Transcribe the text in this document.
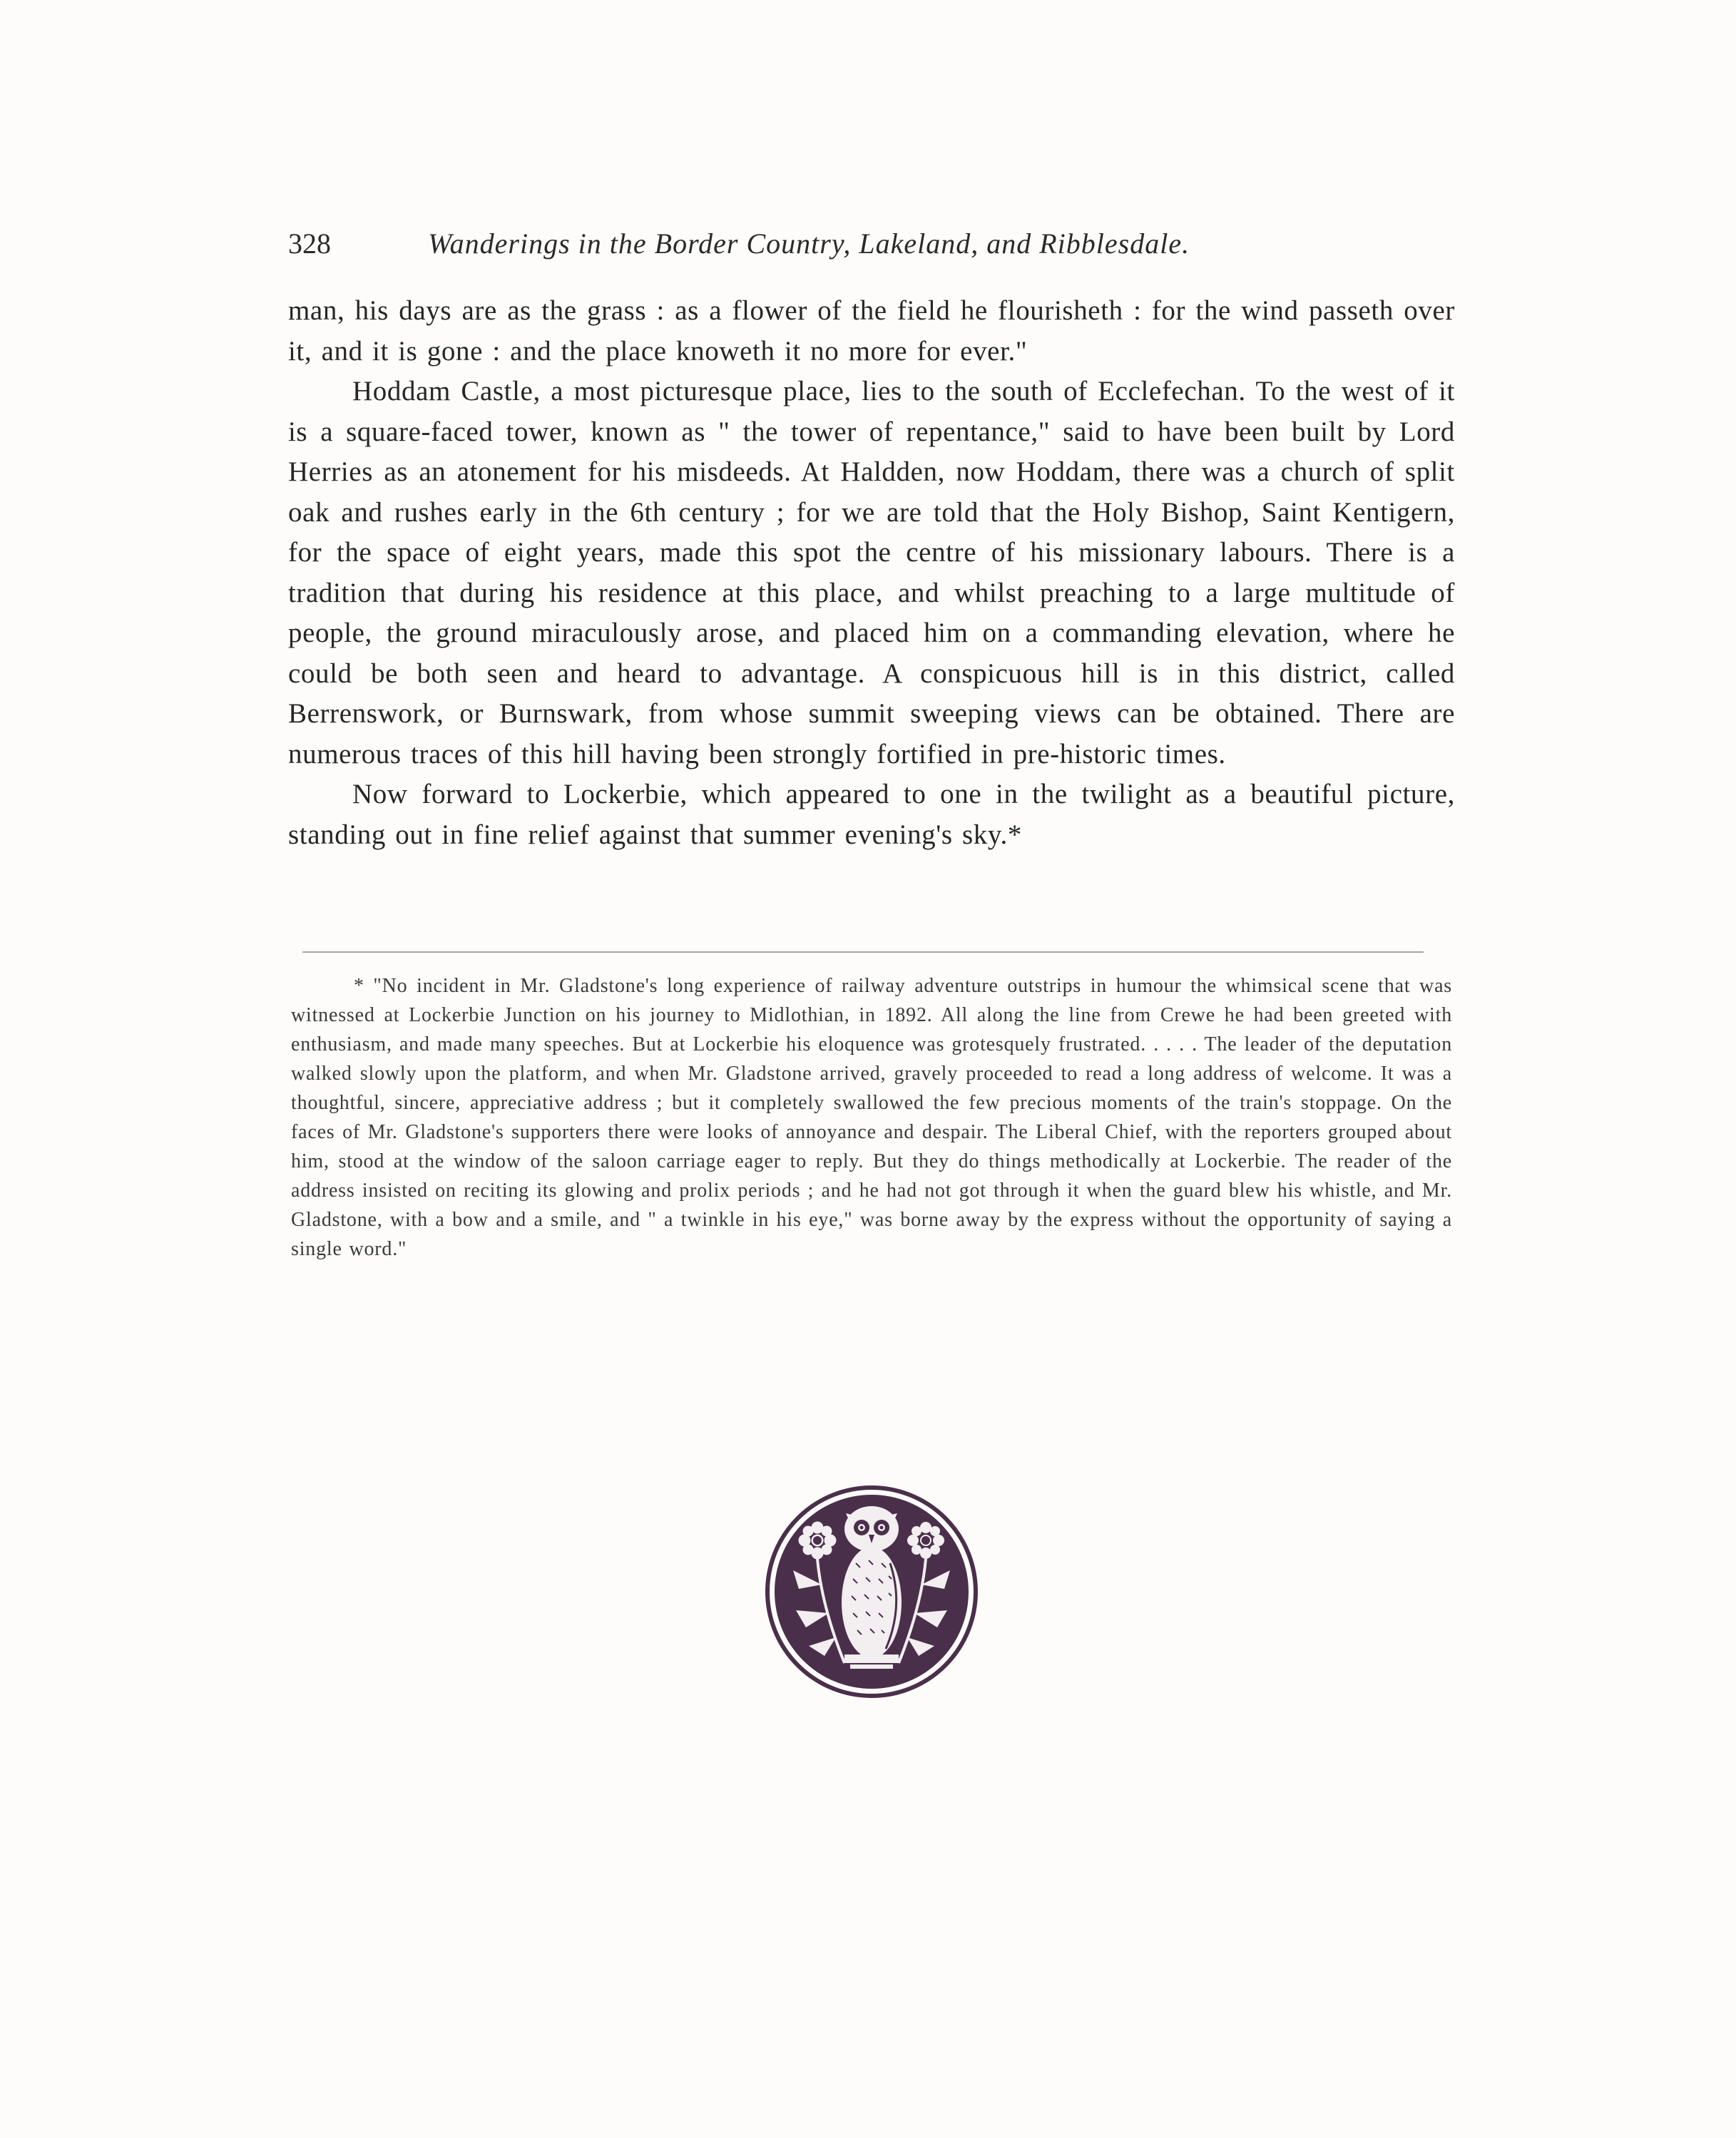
328	Wanderings in the Border Country, Lakeland, and Ribblesdale.

man, his days are as the grass : as a flower of the field he flourisheth : for the wind passeth over it, and it is gone : and the place knoweth it no more for ever."

Hoddam Castle, a most picturesque place, lies to the south of Ecclefechan. To the west of it is a square-faced tower, known as " the tower of repentance," said to have been built by Lord Herries as an atonement for his misdeeds. At Haldden, now Hoddam, there was a church of split oak and rushes early in the 6th century ; for we are told that the Holy Bishop, Saint Kentigern, for the space of eight years, made this spot the centre of his missionary labours. There is a tradition that during his residence at this place, and whilst preaching to a large multitude of people, the ground miraculously arose, and placed him on a commanding elevation, where he could be both seen and heard to advantage. A conspicuous hill is in this district, called Berrenswork, or Burnswark, from whose summit sweeping views can be obtained. There are numerous traces of this hill having been strongly fortified in pre-historic times.

Now forward to Lockerbie, which appeared to one in the twilight as a beautiful picture, standing out in fine relief against that summer evening's sky.*

* "No incident in Mr. Gladstone's long experience of railway adventure outstrips in humour the whimsical scene that was witnessed at Lockerbie Junction on his journey to Midlothian, in 1892. All along the line from Crewe he had been greeted with enthusiasm, and made many speeches. But at Lockerbie his eloquence was grotesquely frustrated. . . . . The leader of the deputation walked slowly upon the platform, and when Mr. Gladstone arrived, gravely proceeded to read a long address of welcome. It was a thoughtful, sincere, appreciative address ; but it completely swallowed the few precious moments of the train's stoppage. On the faces of Mr. Gladstone's supporters there were looks of annoyance and despair. The Liberal Chief, with the reporters grouped about him, stood at the window of the saloon carriage eager to reply. But they do things methodically at Lockerbie. The reader of the address insisted on reciting its glowing and prolix periods ; and he had not got through it when the guard blew his whistle, and Mr. Gladstone, with a bow and a smile, and " a twinkle in his eye," was borne away by the express without the opportunity of saying a single word."
